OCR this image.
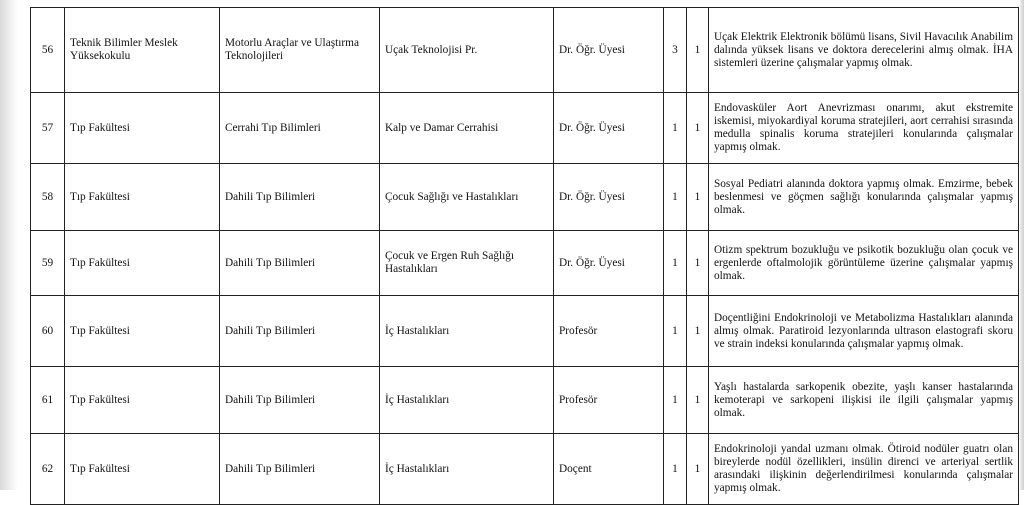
56	Teknik Bilimler Meslek Yüksekokulu	Motorlu Araçlar ve Ulaştırma Teknolojileri	Uçak Teknolojisi Pr.	Dr. Öğr. Üyesi	3	1	Uçak Elektrik Elektronik bölümü lisans, Sivil Havacılık Anabilim dalında yüksek lisans ve doktora derecelerini almış olmak. İHA sistemleri üzerine çalışmalar yapmış olmak.
57	Tıp Fakültesi	Cerrahi Tıp Bilimleri	Kalp ve Damar Cerrahisi	Dr. Öğr. Üyesi	1	1	Endovasküler Aort Anevrizması onarımı, akut ekstremite iskemisi, miyokardiyal koruma stratejileri, aort cerrahisi sırasında medulla spinalis koruma stratejileri konularında çalışmalar yapmış olmak.
58	Tıp Fakültesi	Dahili Tıp Bilimleri	Çocuk Sağlığı ve Hastalıkları	Dr. Öğr. Üyesi	1	1	Sosyal Pediatri alanında doktora yapmış olmak. Emzirme, bebek beslenmesi ve göçmen sağlığı konularında çalışmalar yapmış olmak.
59	Tıp Fakültesi	Dahili Tıp Bilimleri	Çocuk ve Ergen Ruh Sağlığı Hastalıkları	Dr. Öğr. Üyesi	1	1	Otizm spektrum bozukluğu ve psikotik bozukluğu olan çocuk ve ergenlerde oftalmolojik görüntüleme üzerine çalışmalar yapmış olmak.
60	Tıp Fakültesi	Dahili Tıp Bilimleri	İç Hastalıkları	Profesör	1	1	Doçentliğini Endokrinoloji ve Metabolizma Hastalıkları alanında almış olmak. Paratiroid lezyonlarında ultrason elastografi skoru ve strain indeksi konularında çalışmalar yapmış olmak.
61	Tıp Fakültesi	Dahili Tıp Bilimleri	İç Hastalıkları	Profesör	1	1	Yaşlı hastalarda sarkopenik obezite, yaşlı kanser hastalarında kemoterapi ve sarkopeni ilişkisi ile ilgili çalışmalar yapmış olmak.
62	Tıp Fakültesi	Dahili Tıp Bilimleri	İç Hastalıkları	Doçent	1	1	Endokrinoloji yandal uzmanı olmak. Ötiroid nodüler guatrı olan bireylerde nodül özellikleri, insülin direnci ve arteriyal sertlik arasındaki ilişkinin değerlendirilmesi konularında çalışmalar yapmış olmak.
